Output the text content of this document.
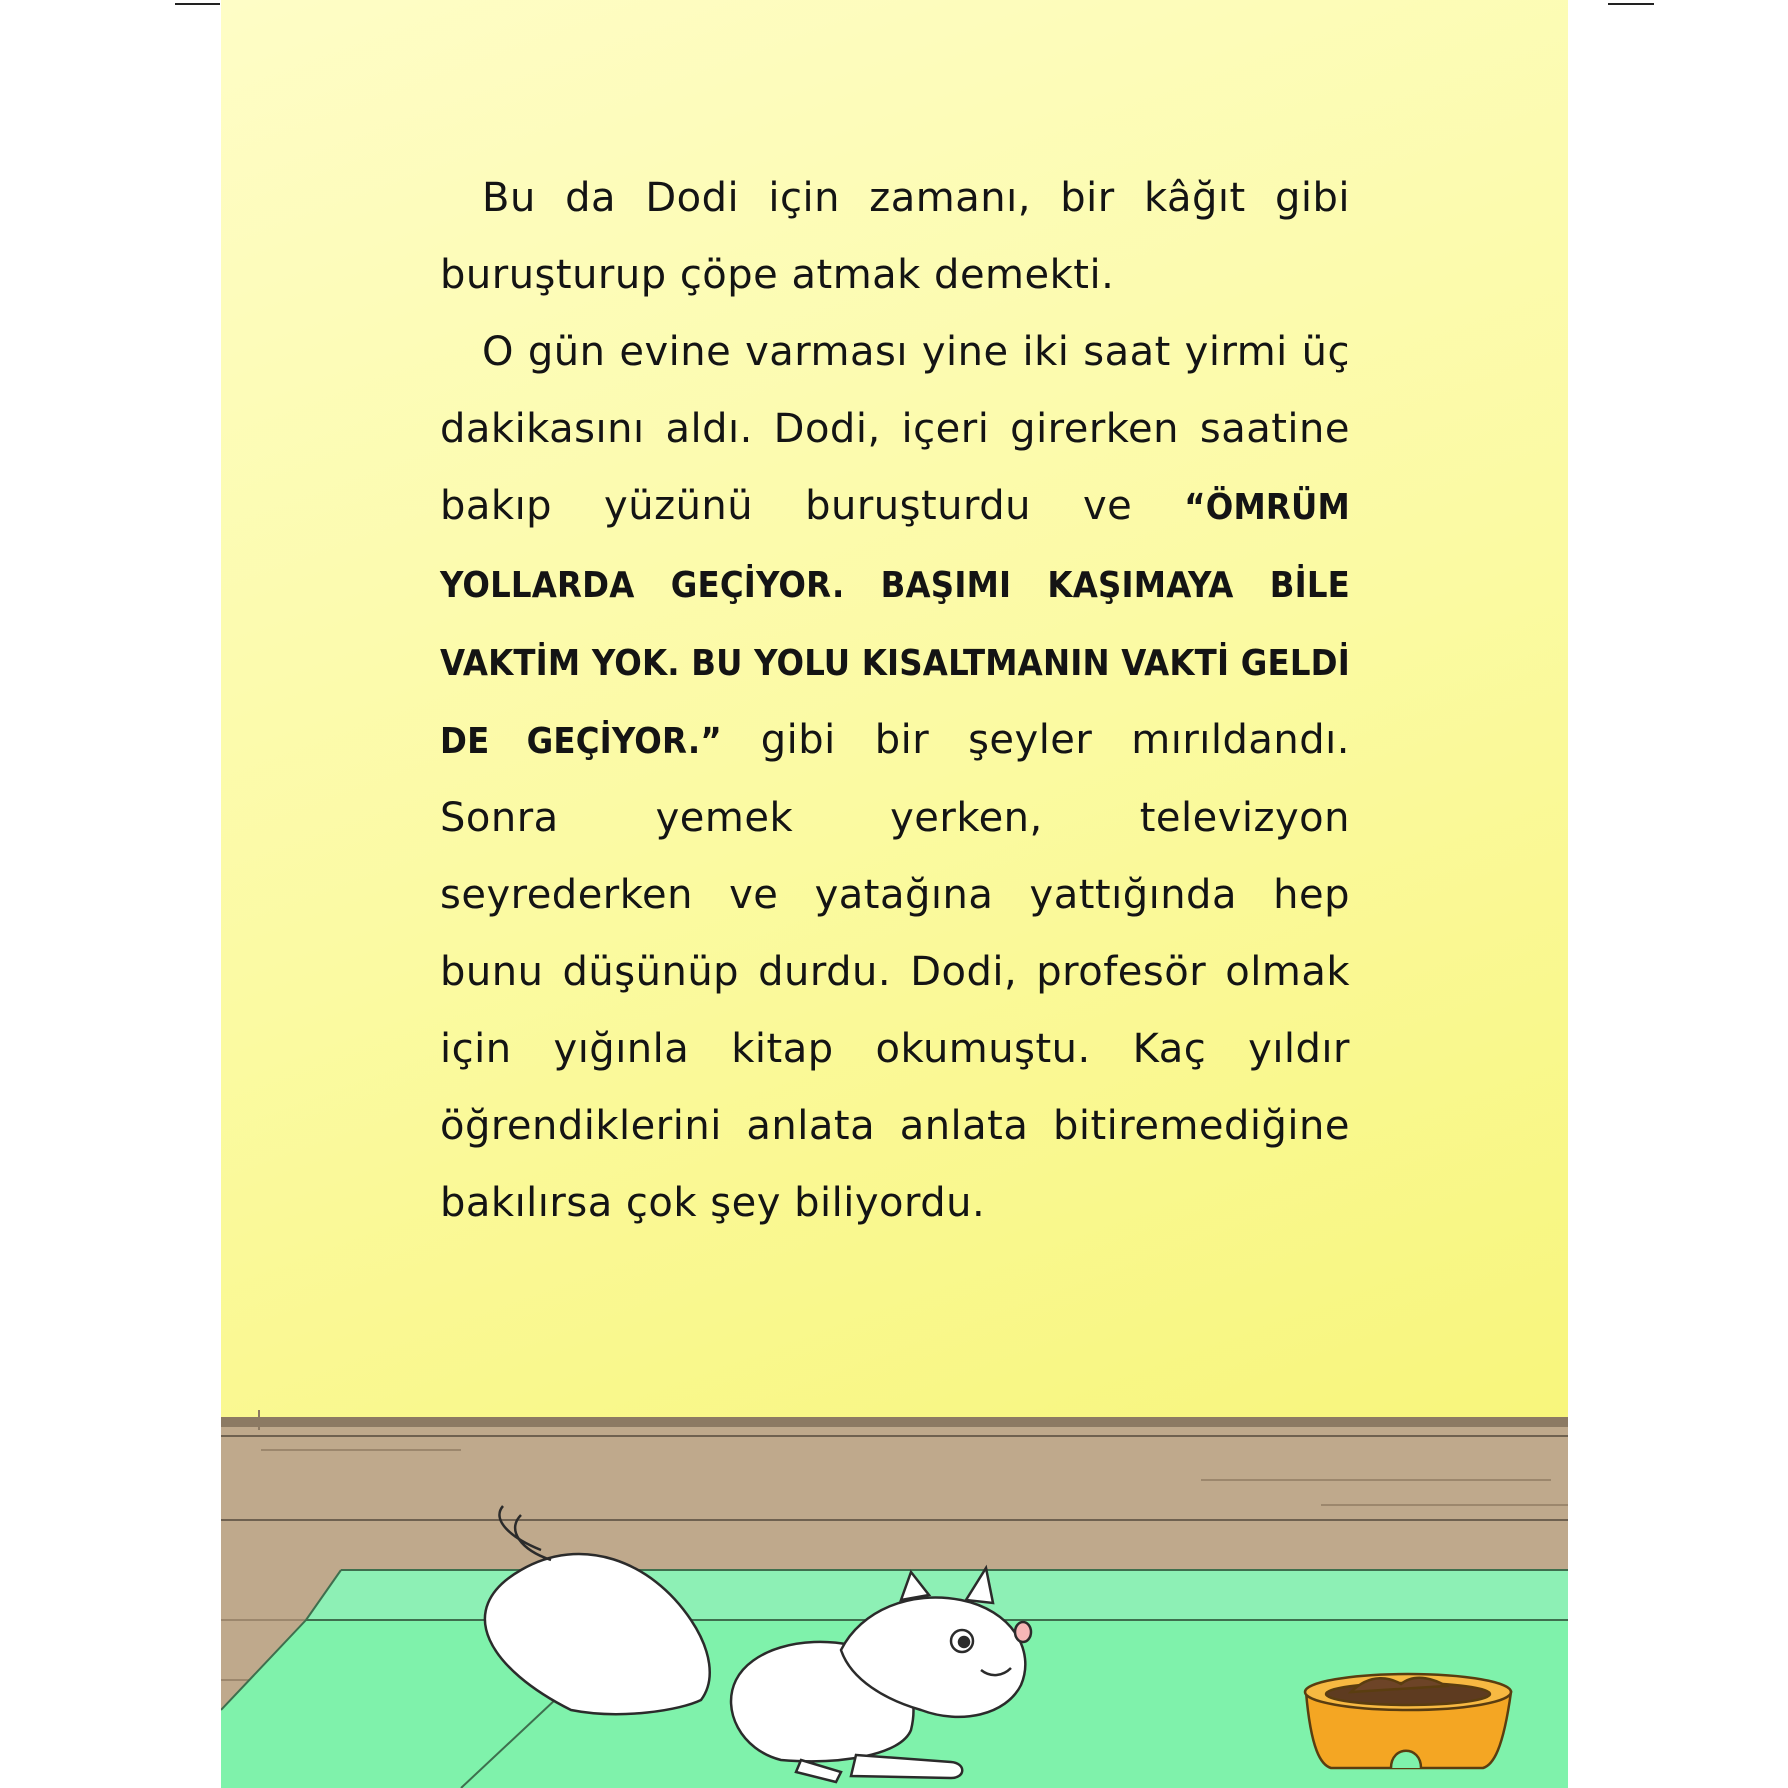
Bu da Dodi için zamanı, bir kâğıt gibi buruşturup çöpe atmak demekti.

O gün evine varması yine iki saat yirmi üç dakikasını aldı. Dodi, içeri girerken saatine bakıp yüzünü buruşturdu ve “ÖMRÜM YOLLARDA GEÇİYOR. BAŞIMI KAŞIMAYA BİLE VAKTİM YOK. BU YOLU KISALTMANIN VAKTİ GELDİ DE GEÇİYOR.” gibi bir şeyler mırıldandı. Sonra yemek yerken, televizyon seyrederken ve yatağına yattığında hep bunu düşünüp durdu. Dodi, profesör olmak için yığınla kitap okumuştu. Kaç yıldır öğrendiklerini anlata anlata bitiremediğine bakılırsa çok şey biliyordu.
